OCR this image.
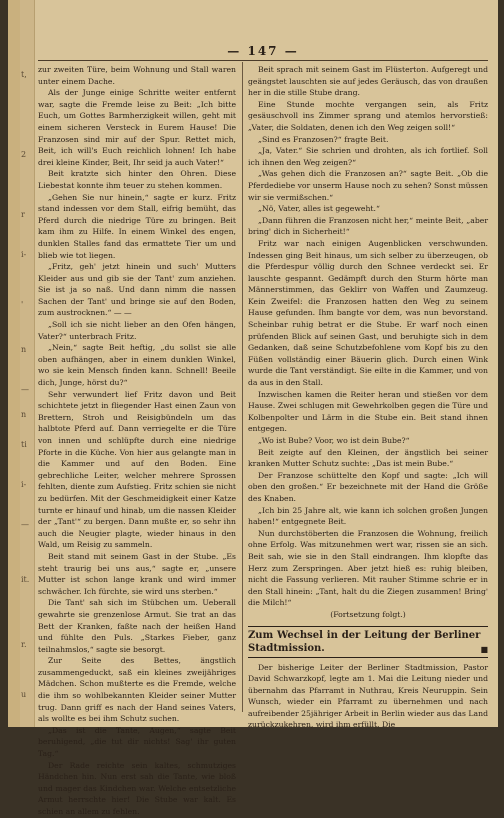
t,
2
r
i-
'
n
—
n
ti
i-
—
it.
r.
u
— 147 —

zur zweiten Türe, beim Wohnung und Stall waren unter einem Dache.

Als der Junge einige Schritte weiter entfernt war, sagte die Fremde leise zu Beit: „Ich bitte Euch, um Gottes Barmherzigkeit willen, geht mit einem sicheren Versteck in Eurem Hause! Die Franzosen sind mir auf der Spur. Rettet mich, Beit, ich will's Euch reichlich lohnen! Ich habe drei kleine Kinder, Beit, Ihr seid ja auch Vater!“

Beit kratzte sich hinter den Ohren. Diese Liebestat konnte ihm teuer zu stehen kommen.

„Gehen Sie nur hinein,“ sagte er kurz. Fritz stand indessen vor dem Stall, eifrig bemüht, das Pferd durch die niedrige Türe zu bringen. Beit kam ihm zu Hilfe. In einem Winkel des engen, dunklen Stalles fand das ermattete Tier um und blieb wie tot liegen.

„Fritz, geh' jetzt hinein und such' Mutters Kleider aus und gib sie der Tant' zum anziehen. Sie ist ja so naß. Und dann nimm die nassen Sachen der Tant' und bringe sie auf den Boden, zum austrocknen.“ — —

„Soll ich sie nicht lieber an den Ofen hängen, Vater?“ unterbrach Fritz.

„Nein,“ sagte Beit heftig, „du sollst sie alle oben aufhängen, aber in einem dunklen Winkel, wo sie kein Mensch finden kann. Schnell! Beeile dich, Junge, hörst du?“

Sehr verwundert lief Fritz davon und Beit schichtete jetzt in fliegender Hast einen Zaun von Brettern, Stroh und Reisigbündeln um das halbtote Pferd auf. Dann verriegelte er die Türe von innen und schlüpfte durch eine niedrige Pforte in die Küche. Von hier aus gelangte man in die Kammer und auf den Boden. Eine gebrechliche Leiter, welcher mehrere Sprossen fehlten, diente zum Aufstieg. Fritz schien sie nicht zu bedürfen. Mit der Geschmeidigkeit einer Katze turnte er hinauf und hinab, um die nassen Kleider der „Tant'“ zu bergen. Dann mußte er, so sehr ihn auch die Neugier plagte, wieder hinaus in den Wald, um Reisig zu sammeln.

Beit stand mit seinem Gast in der Stube. „Es steht traurig bei uns aus,“ sagte er, „unsere Mutter ist schon lange krank und wird immer schwächer. Ich fürchte, sie wird uns sterben.“

Die Tant' sah sich im Stübchen um. Ueberall gewahrte sie grenzenlose Armut. Sie trat an das Bett der Kranken, faßte nach der heißen Hand und fühlte den Puls. „Starkes Fieber, ganz teilnahmslos,“ sagte sie besorgt.

Zur Seite des Bettes, ängstlich zusammengeduckt, saß ein kleines zweijähriges Mädchen. Schon mußterte es die Fremde, welche die ihm so wohlbekannten Kleider seiner Mutter trug. Dann griff es nach der Hand seines Vaters, als wollte es bei ihm Schutz suchen.

„Das ist die Tante, Augen,“ sagte Beit beruhigend, „die tut dir nichts! Sag' ihr guten Tag.“

Der Rade reichte sein kaltes, schmutziges Händchen hin. Nun erst sah die Tante, wie bloß und mager das Kindchen war. Welche entsetzliche Armut herrschte hier! Die Stube war kalt. Es schien an allem zu fehlen.

Beit sprach mit seinem Gast im Flüsterton. Aufgeregt und geängstet lauschten sie auf jedes Geräusch, das von draußen her in die stille Stube drang.

Eine Stunde mochte vergangen sein, als Fritz gesäuschvoll ins Zimmer sprang und atemlos hervorstieß: „Vater, die Soldaten, denen ich den Weg zeigen soll!“

„Sind es Franzosen?“ fragte Beit.

„Ja, Vater.“ Sie schrien und drohten, als ich fortlief. Soll ich ihnen den Weg zeigen?“

„Was gehen dich die Franzosen an?“ sagte Beit. „Ob die Pferdediebe vor unserm Hause noch zu sehen? Sonst müssen wir sie vermißschen.“

„Nö, Vater, alles ist gegeweht.“

„Dann führen die Franzosen nicht her,“ meinte Beit, „aber bring' dich in Sicherheit!“

Fritz war nach einigen Augenblicken verschwunden. Indessen ging Beit hinaus, um sich selber zu überzeugen, ob die Pferdespur völlig durch den Schnee verdeckt sei. Er lauschte gespannt. Gedämpft durch den Sturm hörte man Männerstimmen, das Geklirr von Waffen und Zaumzeug. Kein Zweifel: die Franzosen hatten den Weg zu seinem Hause gefunden. Ihm bangte vor dem, was nun bevorstand. Scheinbar ruhig betrat er die Stube. Er warf noch einen prüfenden Blick auf seinen Gast, und beruhigte sich in dem Gedanken, daß seine Schutzbefohlene vom Kopf bis zu den Füßen vollständig einer Bäuerin glich. Durch einen Wink wurde die Tant verständigt. Sie eilte in die Kammer, und von da aus in den Stall.

Inzwischen kamen die Reiter heran und stießen vor dem Hause. Zwei schlugen mit Gewehrkolben gegen die Türe und Kolbenpolter und Lärm in die Stube ein. Beit stand ihnen entgegen.

„Wo ist Bube? Voor, wo ist dein Bube?“

Beit zeigte auf den Kleinen, der ängstlich bei seiner kranken Mutter Schutz suchte: „Das ist mein Bube.“

Der Franzose schüttelte den Kopf und sagte: „Ich will oben den großen.“ Er bezeichnete mit der Hand die Größe des Knaben.

„Ich bin 25 Jahre alt, wie kann ich solchen großen Jungen haben!“ entgegnete Beit.

Nun durchstöberten die Franzosen die Wohnung, freilich ohne Erfolg. Was mitzunehmen wert war, rissen sie an sich. Beit sah, wie sie in den Stall eindrangen. Ihm klopfte das Herz zum Zerspringen. Aber jetzt hieß es: ruhig bleiben, nicht die Fassung verlieren. Mit rauher Stimme schrie er in den Stall hinein: „Tant, halt du die Ziegen zusammen! Bring' die Milch!“

(Fortsetzung folgt.)

■
Zum Wechsel in der Leitung der Berliner Stadtmission.

Der bisherige Leiter der Berliner Stadtmission, Pastor David Schwarzkopf, legte am 1. Mai die Leitung nieder und übernahm das Pfarramt in Nuthrau, Kreis Neuruppin. Sein Wunsch, wieder ein Pfarramt zu übernehmen und nach aufreibender 25jähriger Arbeit in Berlin wieder aus das Land zurückzukehren, wird ihm erfüllt. Die
